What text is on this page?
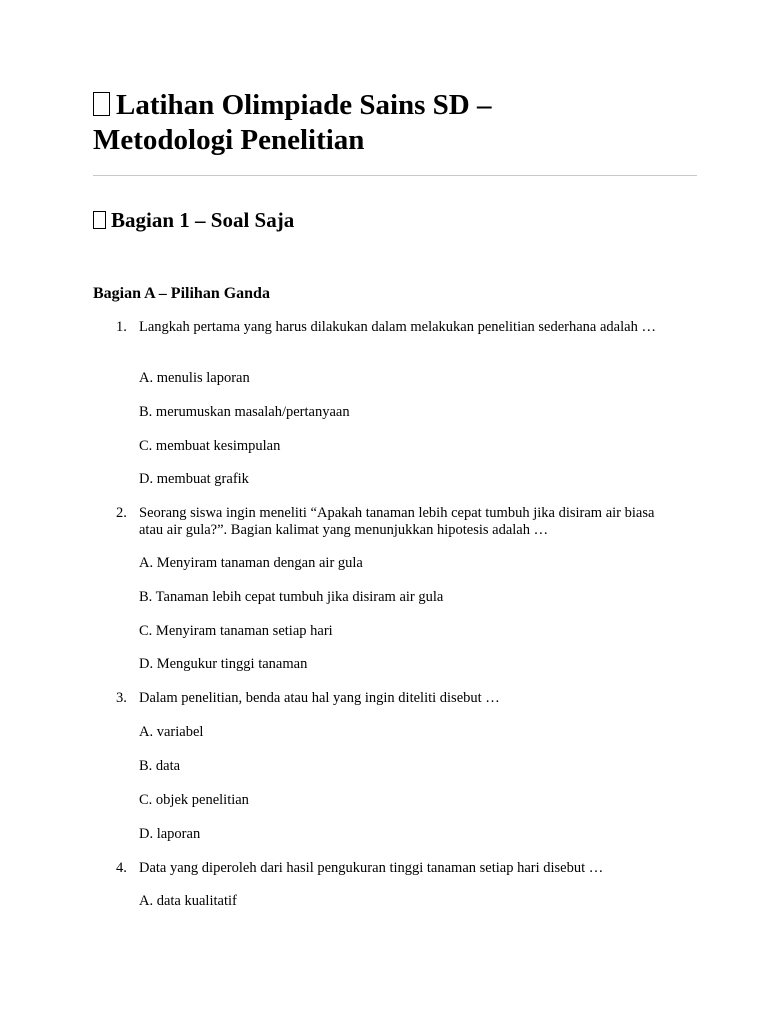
Latihan Olimpiade Sains SD –
Metodologi Penelitian
Bagian 1 – Soal Saja
Bagian A – Pilihan Ganda
1. Langkah pertama yang harus dilakukan dalam melakukan penelitian sederhana adalah …
A. menulis laporan
B. merumuskan masalah/pertanyaan
C. membuat kesimpulan
D. membuat grafik
2. Seorang siswa ingin meneliti “Apakah tanaman lebih cepat tumbuh jika disiram air biasa atau air gula?”. Bagian kalimat yang menunjukkan hipotesis adalah …
A. Menyiram tanaman dengan air gula
B. Tanaman lebih cepat tumbuh jika disiram air gula
C. Menyiram tanaman setiap hari
D. Mengukur tinggi tanaman
3. Dalam penelitian, benda atau hal yang ingin diteliti disebut …
A. variabel
B. data
C. objek penelitian
D. laporan
4. Data yang diperoleh dari hasil pengukuran tinggi tanaman setiap hari disebut …
A. data kualitatif
